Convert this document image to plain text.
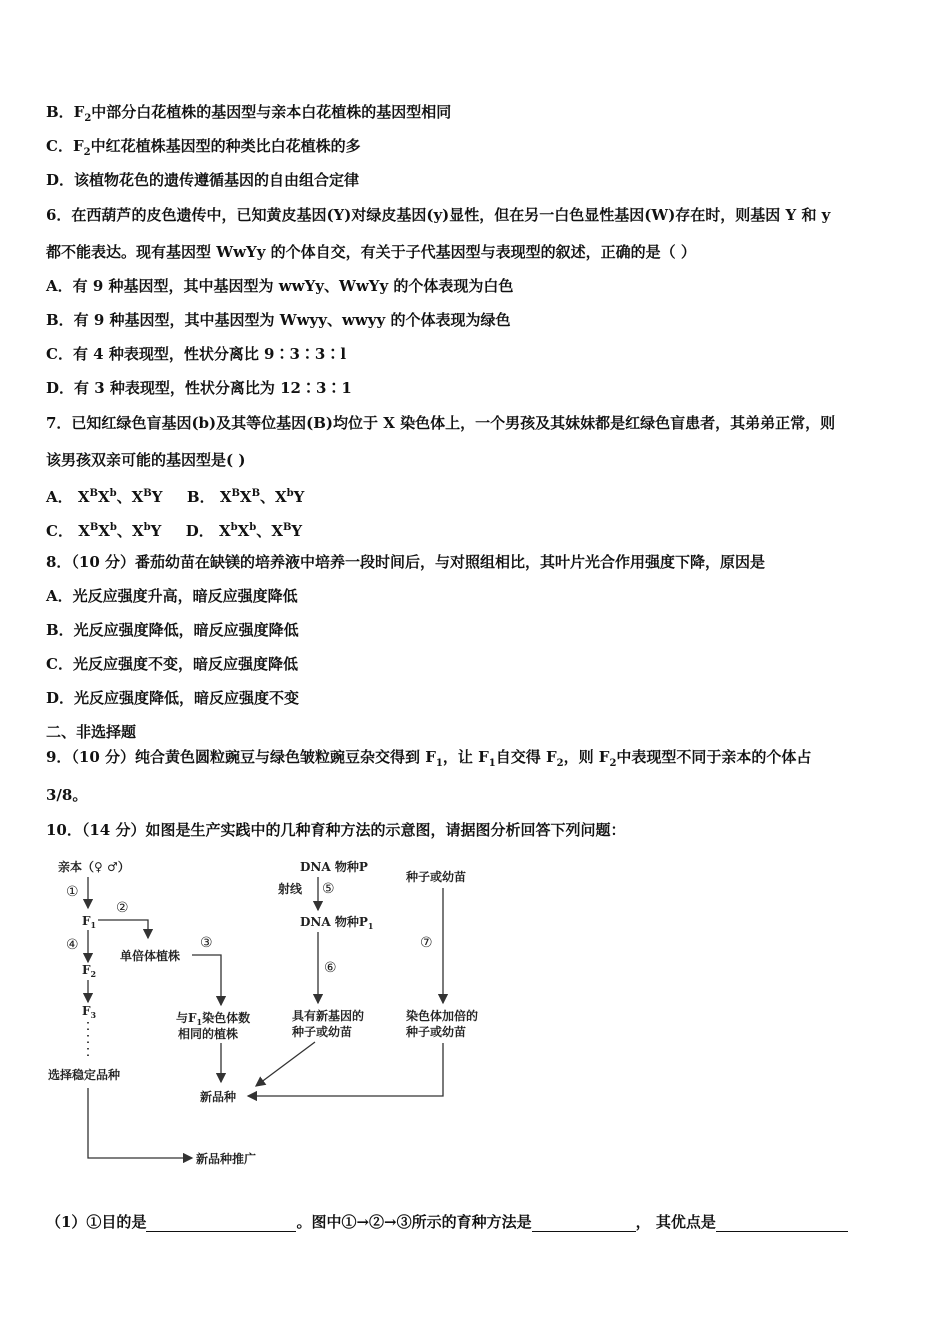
B．$F_2$中部分白花植株的基因型与亲本白花植株的基因型相同
C．$F_2$中红花植株基因型的种类比白花植株的多
D．该植物花色的遗传遵循基因的自由组合定律
6．在西葫芦的皮色遗传中，已知黄皮基因(Y)对绿皮基因(y)显性，但在另一白色显性基因(W)存在时，则基因 Y 和 y
都不能表达。现有基因型 WwYy 的个体自交，有关于子代基因型与表现型的叙述，正确的是（ ）
A．有 9 种基因型，其中基因型为 wwYy、WwYy 的个体表现为白色
B．有 9 种基因型，其中基因型为 Wwyy、wwyy 的个体表现为绿色
C．有 4 种表现型，性状分离比 9∶3∶3∶l
D．有 3 种表现型，性状分离比为 12∶3∶1
7．已知红绿色盲基因(b)及其等位基因(B)均位于 X 染色体上，一个男孩及其妹妹都是红绿色盲患者，其弟弟正常，则
该男孩双亲可能的基因型是( )
A． $X^BX^b$、$X^BY$ B． $X^BX^B$、$X^bY$
C． $X^BX^b$、$X^bY$ D． $X^bX^b$、$X^BY$
8．（10 分）番茄幼苗在缺镁的培养液中培养一段时间后，与对照组相比，其叶片光合作用强度下降，原因是
A．光反应强度升高，暗反应强度降低
B．光反应强度降低，暗反应强度降低
C．光反应强度不变，暗反应强度降低
D．光反应强度降低，暗反应强度不变
二、非选择题
9．（10 分）纯合黄色圆粒豌豆与绿色皱粒豌豆杂交得到 $F_1$，让 $F_1$自交得 $F_2$，则 $F_2$中表现型不同于亲本的个体占
3/8。
10．（14 分）如图是生产实践中的几种育种方法的示意图，请据图分析回答下列问题：
亲本（♀ ♂）
①
$F_1$
④
$F_2$
$F_3$
选择稳定品种
②
单倍体植株
③
与$F_1$染色体数
相同的植株
新品种
DNA 物种P
射线 ⑤
DNA 物种$P_1$
⑥
具有新基因的
种子或幼苗
种子或幼苗
⑦
染色体加倍的
种子或幼苗
新品种推广
（1）①目的是	。图中①→②→③所示的育种方法是	， 其优点是
